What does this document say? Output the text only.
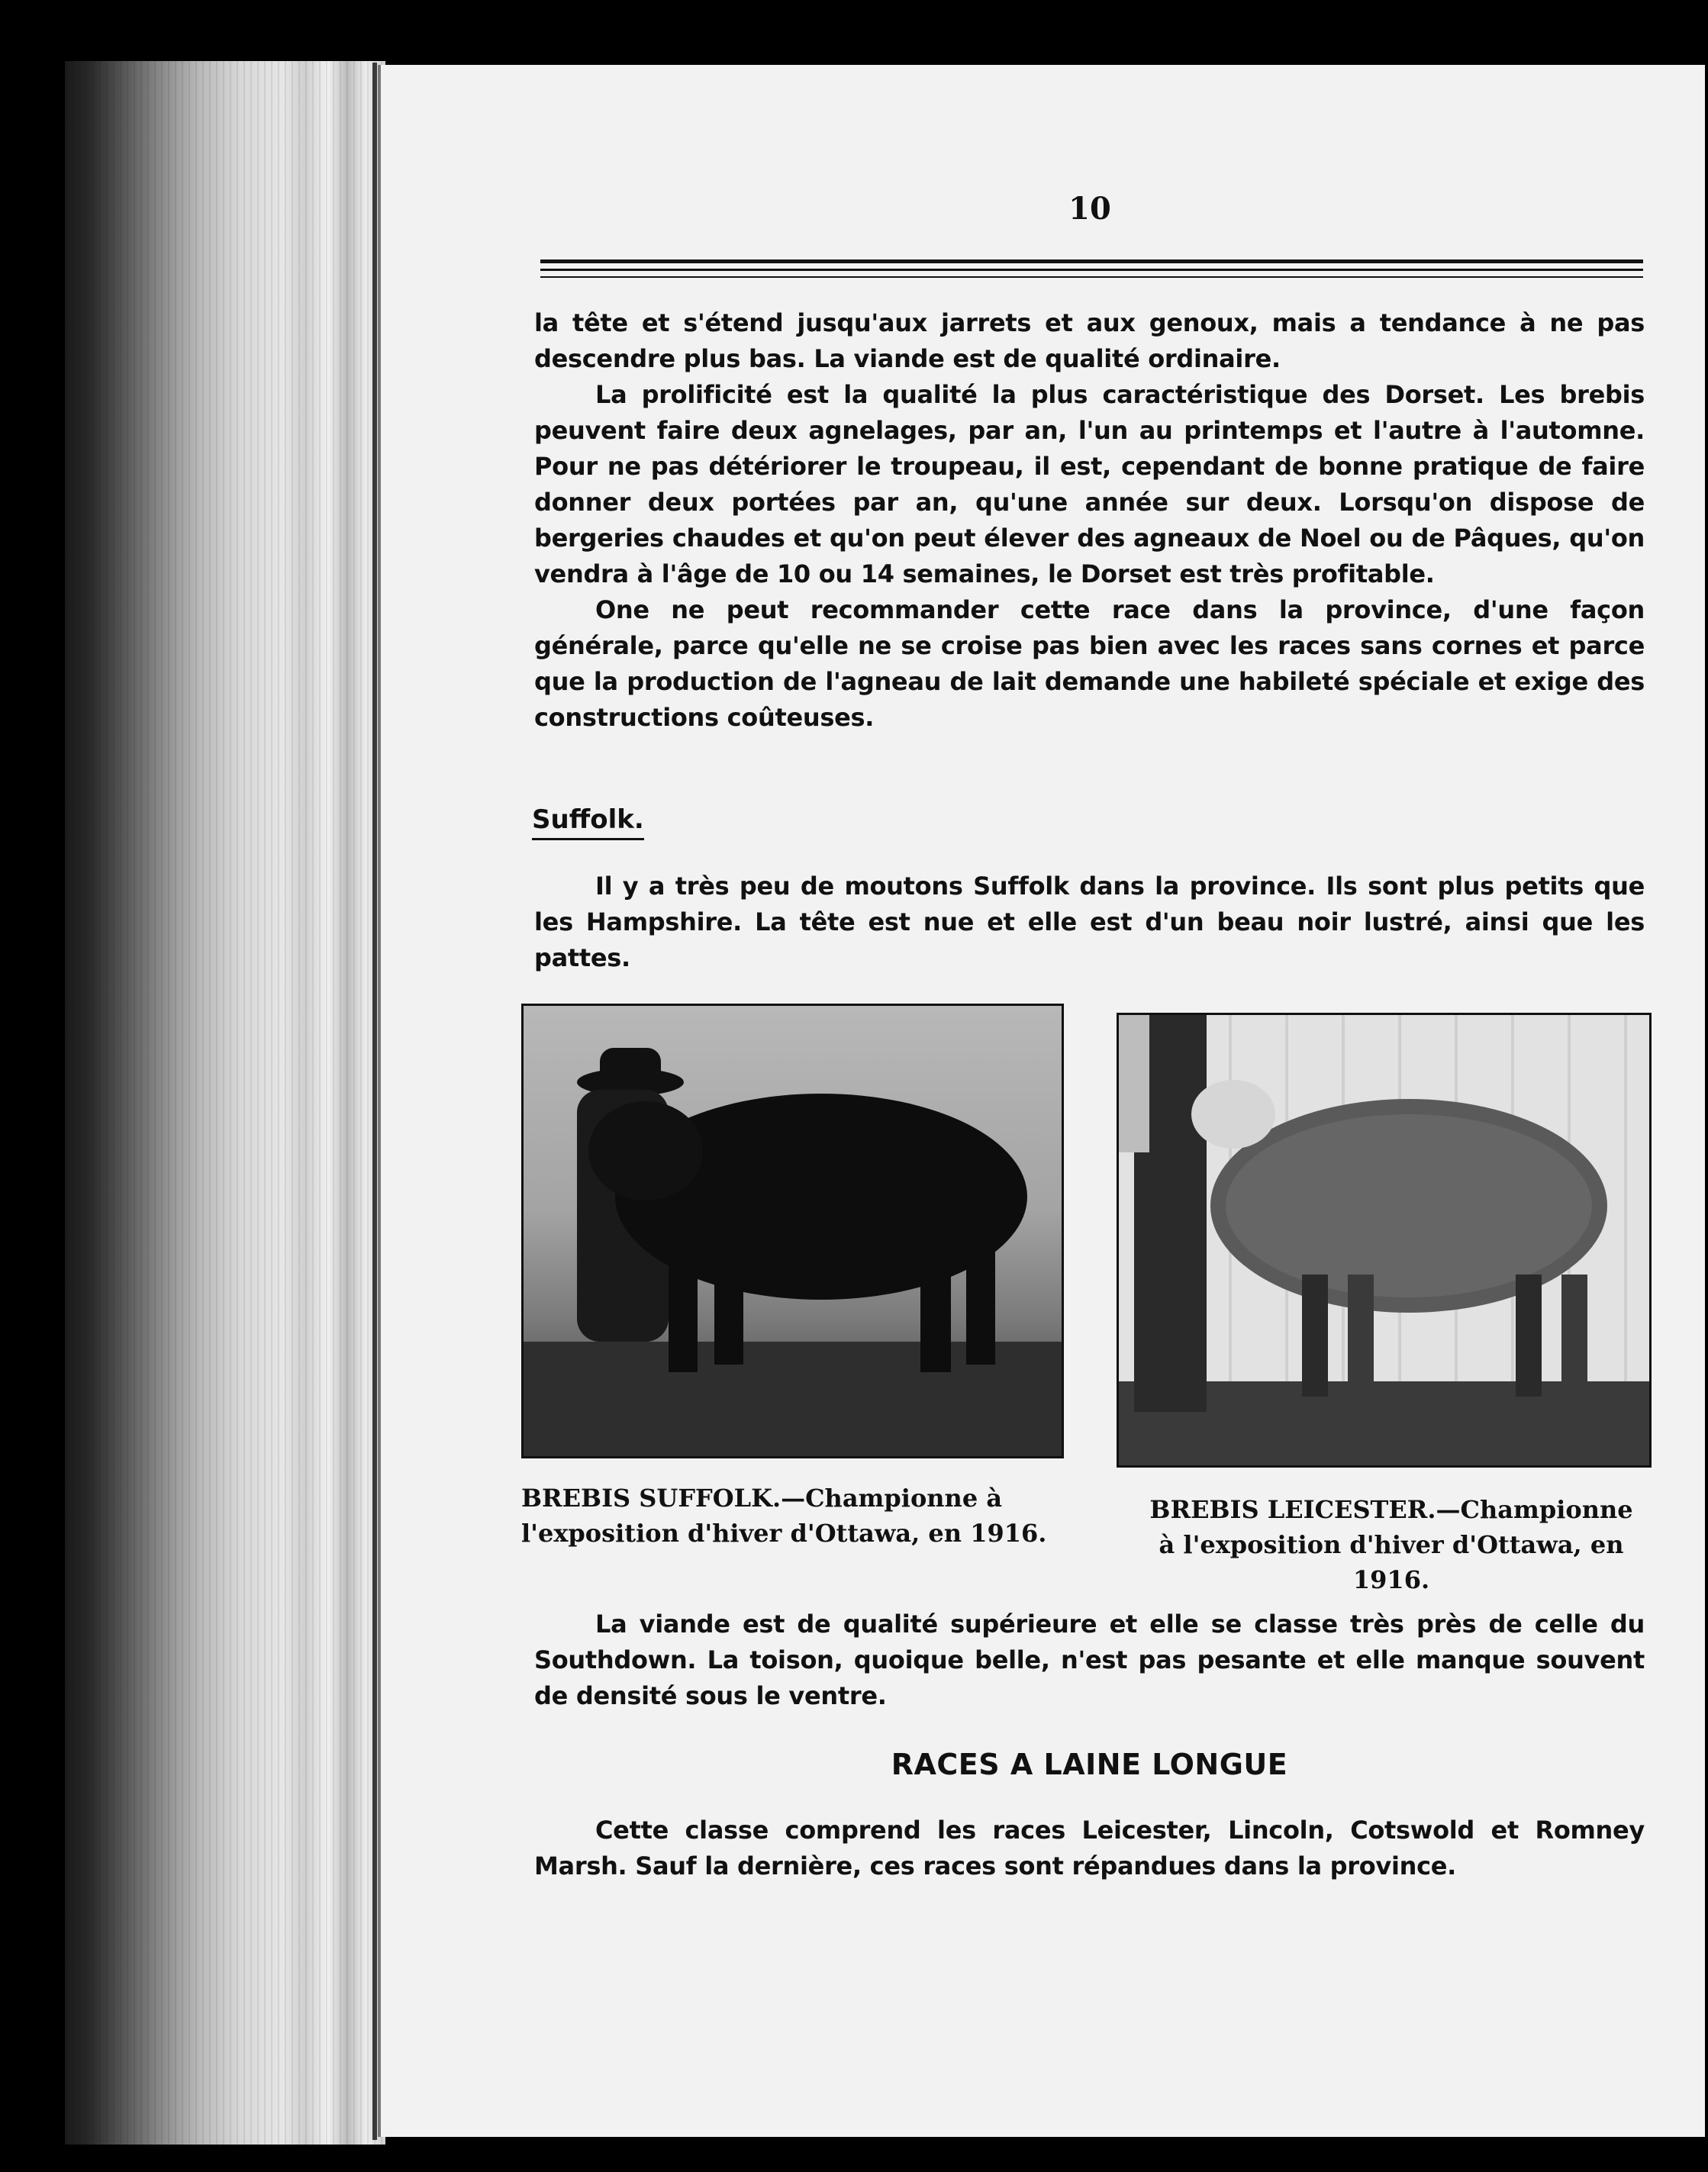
10

la tête et s'étend jusqu'aux jarrets et aux genoux, mais a tendance à ne pas descendre plus bas. La viande est de qualité ordinaire.

La prolificité est la qualité la plus caractéristique des Dorset. Les brebis peuvent faire deux agnelages, par an, l'un au printemps et l'autre à l'automne. Pour ne pas détériorer le troupeau, il est, cependant de bonne pratique de faire donner deux portées par an, qu'une année sur deux. Lorsqu'on dispose de bergeries chaudes et qu'on peut élever des agneaux de Noel ou de Pâques, qu'on vendra à l'âge de 10 ou 14 semaines, le Dorset est très profitable.

One ne peut recommander cette race dans la province, d'une façon générale, parce qu'elle ne se croise pas bien avec les races sans cornes et parce que la production de l'agneau de lait demande une habileté spéciale et exige des constructions coûteuses.

Suffolk.

Il y a très peu de moutons Suffolk dans la province. Ils sont plus petits que les Hampshire. La tête est nue et elle est d'un beau noir lustré, ainsi que les pattes.

BREBIS SUFFOLK.—Championne à l'exposition d'hiver d'Ottawa, en 1916.
BREBIS LEICESTER.—Championne à l'exposition d'hiver d'Ottawa, en 1916.

La viande est de qualité supérieure et elle se classe très près de celle du Southdown. La toison, quoique belle, n'est pas pesante et elle manque souvent de densité sous le ventre.

RACES A LAINE LONGUE

Cette classe comprend les races Leicester, Lincoln, Cotswold et Romney Marsh. Sauf la dernière, ces races sont répandues dans la province.
